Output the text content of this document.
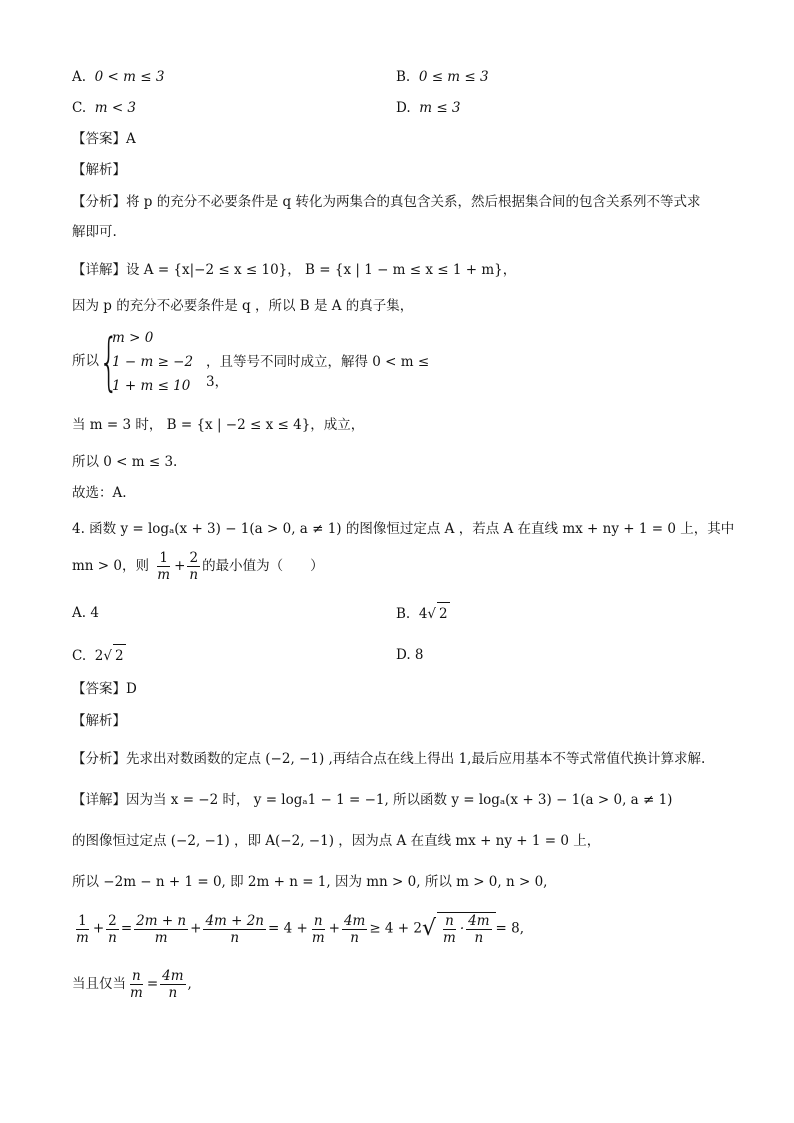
A. 0 < m ≤ 3	B. 0 ≤ m ≤ 3
C. m < 3	D. m ≤ 3
【答案】A
【解析】
【分析】将 p 的充分不必要条件是 q 转化为两集合的真包含关系，然后根据集合间的包含关系列不等式求
解即可.
【详解】设 A = {x|−2 ≤ x ≤ 10}， B = {x | 1 − m ≤ x ≤ 1 + m}，
因为 p 的充分不必要条件是 q ，所以 B 是 A 的真子集，
所以 {
m > 0
1 − m ≥ −2
1 + m ≤ 10
，且等号不同时成立，解得 0 < m ≤ 3，
当 m = 3 时， B = {x | −2 ≤ x ≤ 4}，成立，
所以 0 < m ≤ 3.
故选：A.
4. 函数 y = logₐ(x + 3) − 1(a > 0, a ≠ 1) 的图像恒过定点 A ，若点 A 在直线 mx + ny + 1 = 0 上，其中
mn > 0，则 $\frac{1}{m} + \frac{2}{n}$ 的最小值为（　　）
A. 4	B. 4√ 2
C. 2√ 2	D. 8
【答案】D
【解析】
【分析】先求出对数函数的定点 (−2, −1) ,再结合点在线上得出 1,最后应用基本不等式常值代换计算求解.
【详解】因为当 x = −2 时， y = logₐ1 − 1 = −1, 所以函数 y = logₐ(x + 3) − 1(a > 0, a ≠ 1)
的图像恒过定点 (−2, −1) ，即 A(−2, −1) ，因为点 A 在直线 mx + ny + 1 = 0 上，
所以 −2m − n + 1 = 0, 即 2m + n = 1, 因为 mn > 0, 所以 m > 0, n > 0,
$\frac{1}{m} + \frac{2}{n} = \frac{2m + n}{m} + \frac{4m + 2n}{n} = 4 + \frac{n}{m} + \frac{4m}{n} \ge 4 + 2√ \frac{n}{m} \cdot \frac{4m}{n} = 8$,
当且仅当 $\frac{n}{m} = \frac{4m}{n}$ ,
